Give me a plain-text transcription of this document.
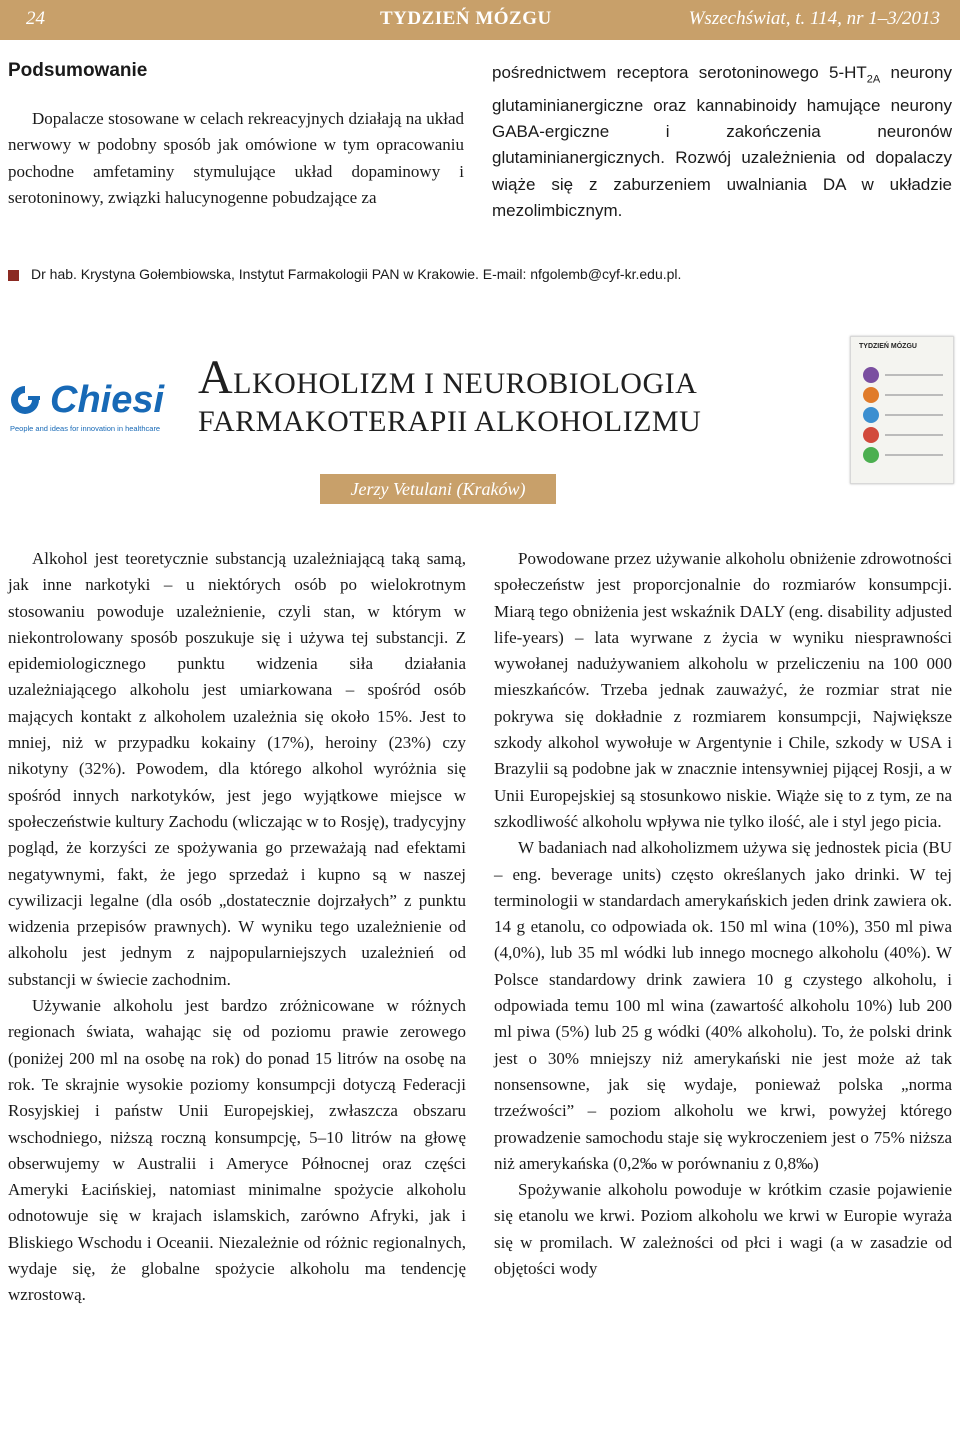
24	TYDZIEŃ MÓZGU	Wszechświat, t. 114, nr 1–3/2013
Podsumowanie

Dopalacze stosowane w celach rekreacyjnych działają na układ nerwowy w podobny sposób jak omówione w tym opracowaniu pochodne amfetaminy stymulujące układ dopaminowy i serotoninowy, związki halucynogenne pobudzające za

pośrednictwem receptora serotoninowego $5-HT_{2A}$ neurony glutaminianergiczne oraz kannabinoidy hamujące neurony GABA-ergiczne i zakończenia neuronów glutaminianergicznych. Rozwój uzależnienia od dopalaczy wiąże się z zaburzeniem uwalniania DA w układzie mezolimbicznym.

Dr hab. Krystyna Gołembiowska, Instytut Farmakologii PAN w Krakowie. E-mail: nfgolemb@cyf-kr.edu.pl.
Chiesi
People and ideas for innovation in healthcare
ALKOHOLIZM I NEUROBIOLOGIA
FARMAKOTERAPII ALKOHOLIZMU
Jerzy Vetulani (Kraków)
TYDZIEŃ MÓZGU

Alkohol jest teoretycznie substancją uzależniającą taką samą, jak inne narkotyki – u niektórych osób po wielokrotnym stosowaniu powoduje uzależnienie, czyli stan, w którym w niekontrolowany sposób poszukuje się i używa tej substancji. Z epidemiologicznego punktu widzenia siła działania uzależniającego alkoholu jest umiarkowana – spośród osób mających kontakt z alkoholem uzależnia się około 15%. Jest to mniej, niż w przypadku kokainy (17%), heroiny (23%) czy nikotyny (32%). Powodem, dla którego alkohol wyróżnia się spośród innych narkotyków, jest jego wyjątkowe miejsce w społeczeństwie kultury Zachodu (wliczając w to Rosję), tradycyjny pogląd, że korzyści ze spożywania go przeważają nad efektami negatywnymi, fakt, że jego sprzedaż i kupno są w naszej cywilizacji legalne (dla osób „dostatecznie dojrzałych” z punktu widzenia przepisów prawnych). W wyniku tego uzależnienie od alkoholu jest jednym z najpopularniejszych uzależnień od substancji w świecie zachodnim.

Używanie alkoholu jest bardzo zróżnicowane w różnych regionach świata, wahając się od poziomu prawie zerowego (poniżej 200 ml na osobę na rok) do ponad 15 litrów na osobę na rok. Te skrajnie wysokie poziomy konsumpcji dotyczą Federacji Rosyjskiej i państw Unii Europejskiej, zwłaszcza obszaru wschodniego, niższą roczną konsumpcję, 5–10 litrów na głowę obserwujemy w Australii i Ameryce Północnej oraz części Ameryki Łacińskiej, natomiast minimalne spożycie alkoholu odnotowuje się w krajach islamskich, zarówno Afryki, jak i Bliskiego Wschodu i Oceanii. Niezależnie od różnic regionalnych, wydaje się, że globalne spożycie alkoholu ma tendencję wzrostową.

Powodowane przez używanie alkoholu obniżenie zdrowotności społeczeństw jest proporcjonalnie do rozmiarów konsumpcji. Miarą tego obniżenia jest wskaźnik DALY (eng. disability adjusted life-years) – lata wyrwane z życia w wyniku niesprawności wywołanej nadużywaniem alkoholu w przeliczeniu na 100 000 mieszkańców. Trzeba jednak zauważyć, że rozmiar strat nie pokrywa się dokładnie z rozmiarem konsumpcji, Największe szkody alkohol wywołuje w Argentynie i Chile, szkody w USA i Brazylii są podobne jak w znacznie intensywniej pijącej Rosji, a w Unii Europejskiej są stosunkowo niskie. Wiąże się to z tym, ze na szkodliwość alkoholu wpływa nie tylko ilość, ale i styl jego picia.

W badaniach nad alkoholizmem używa się jednostek picia (BU – eng. beverage units) często określanych jako drinki. W tej terminologii w standardach amerykańskich jeden drink zawiera ok. 14 g etanolu, co odpowiada ok. 150 ml wina (10%), 350 ml piwa (4,0%), lub 35 ml wódki lub innego mocnego alkoholu (40%). W Polsce standardowy drink zawiera 10 g czystego alkoholu, i odpowiada temu 100 ml wina (zawartość alkoholu 10%) lub 200 ml piwa (5%) lub 25 g wódki (40% alkoholu). To, że polski drink jest o 30% mniejszy niż amerykański nie jest może aż tak nonsensowne, jak się wydaje, ponieważ polska „norma trzeźwości” – poziom alkoholu we krwi, powyżej którego prowadzenie samochodu staje się wykroczeniem jest o 75% niższa niż amerykańska (0,2‰ w porównaniu z 0,8‰)

Spożywanie alkoholu powoduje w krótkim czasie pojawienie się etanolu we krwi. Poziom alkoholu we krwi w Europie wyraża się w promilach. W zależności od płci i wagi (a w zasadzie od objętości wody
